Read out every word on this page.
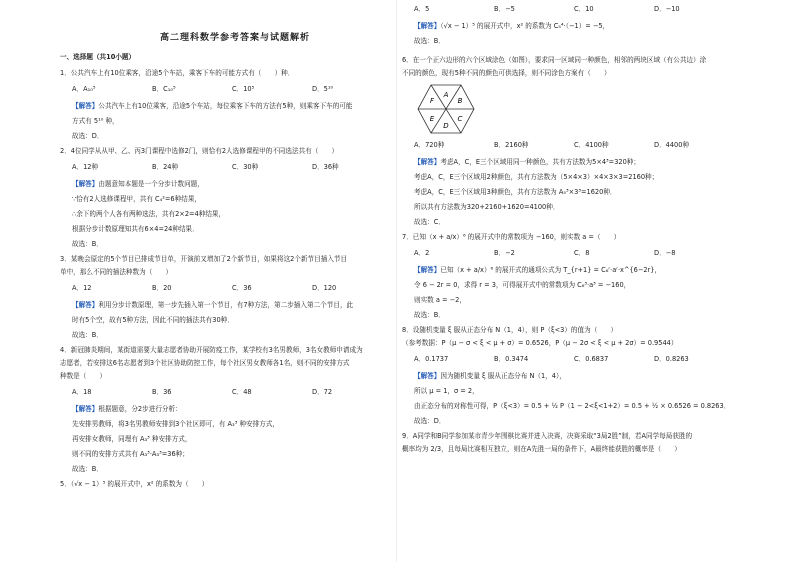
高二理科数学参考答案与试题解析
一、选择题（共10小题）
1．公共汽车上有10位乘客，沿途5个车站，乘客下车的可能方式有（　　）种．
A．A₁₀⁵	B．C₁₀⁵	C．10⁵	D．5¹⁰
【解答】公共汽车上有10位乘客，沿途5个车站，每位乘客下车的方法有5种，则乘客下车的可能
方式有 5¹⁰ 种，
故选：D．
2．4位同学从从甲、乙、丙3门课程中选修2门，则恰有2人选修课程甲的不同选法共有（　　）
A．12种	B．24种	C．30种	D．36种
【解答】由题意知本题是一个分步计数问题，
∵恰有2人选修课程甲，共有 C₄²=6种结果，
∴余下的两个人各有两种选法，共有2×2=4种结果，
根据分步计数原理知共有6×4=24种结果．
故选：B．
3．某晚会原定的5个节目已排成节目单，开演前又增加了2个新节目，如果将这2个新节目插入节目
单中，那么不同的插法种数为（　　）
A．12	B．20	C．36	D．120
【解答】利用分步计数原理，第一步先插入第一个节目，有7种方法，第二步插入第二个节目，此
时有5个空，故有5种方法，因此不同的插法共有30种．
故选：B．
4．新冠肺炎期间，某街道需要大量志愿者协助开展防疫工作，某学校有3名男教师，3名女教师申请成为
志愿者，若安排这6名志愿者到3个社区协助防控工作，每个社区男女教师各1名，则不同的安排方式
种数是（　　）
A．18	B．36	C．48	D．72
【解答】根据题意，分2步进行分析：
先安排男教师，将3名男教师安排到3个社区即可，有 A₃³ 种安排方式，
再安排女教师，同理有 A₃³ 种安排方式，
则不同的安排方式共有 A₃³·A₃³=36种；
故选：B．
5．（√x − 1）⁵ 的展开式中，x² 的系数为（　　）
A．5	B．−5	C．10	D．−10
【解答】（√x − 1）⁵ 的展开式中，x² 的系数为 C₅⁴·（−1）= −5，
故选：B．
6．在一个正六边形的六个区域涂色（如图），要求同一区域同一种颜色，相邻的两块区域（有公共边）涂
不同的颜色，现有5种不同的颜色可供选择，则不同涂色方案有（　　）
A
B
C
D
E
F
A．720种	B．2160种	C．4100种	D．4400种
【解答】考虑A，C，E三个区域用同一种颜色，共有方法数为5×4³=320种；
考虑A，C，E三个区域用2种颜色，共有方法数为（5×4×3）×4×3×3=2160种；
考虑A，C，E三个区域用3种颜色，共有方法数为 A₅³×3³=1620种．
所以共有方法数为320+2160+1620=4100种．
故选：C．
7．已知（x + a/x）⁶ 的展开式中的常数项为 −160，则实数 a =（　　）
A．2	B．−2	C．8	D．−8
【解答】已知（x + a/x）⁶ 的展开式的通项公式为 T_{r+1} = C₆ʳ·aʳ·x^{6−2r}，
令 6 − 2r = 0，求得 r = 3，可得展开式中的常数项为 C₆³·a³ = −160，
则实数 a = −2，
故选：B．
8．设随机变量 ξ 服从正态分布 N（1，4），则 P（ξ<3）的值为（　　）
（参考数据：P（μ − σ < ξ < μ + σ）= 0.6526，P（μ − 2σ < ξ < μ + 2σ）= 0.9544）
A．0.1737	B．0.3474	C．0.6837	D．0.8263
【解答】因为随机变量 ξ 服从正态分布 N（1，4），
所以 μ = 1，σ = 2，
由正态分布的对称性可得，P（ξ<3）= 0.5 + ½ P（1 − 2<ξ<1+2）= 0.5 + ½ × 0.6526 = 0.8263．
故选：D．
9．A同学和B同学参加某市青少年围棋比赛并进入决赛，决赛采取“3局2胜”制，若A同学每局获胜的
概率均为 2/3，且每局比赛相互独立，则在A先胜一局的条件下，A最终能获胜的概率是（　　）
